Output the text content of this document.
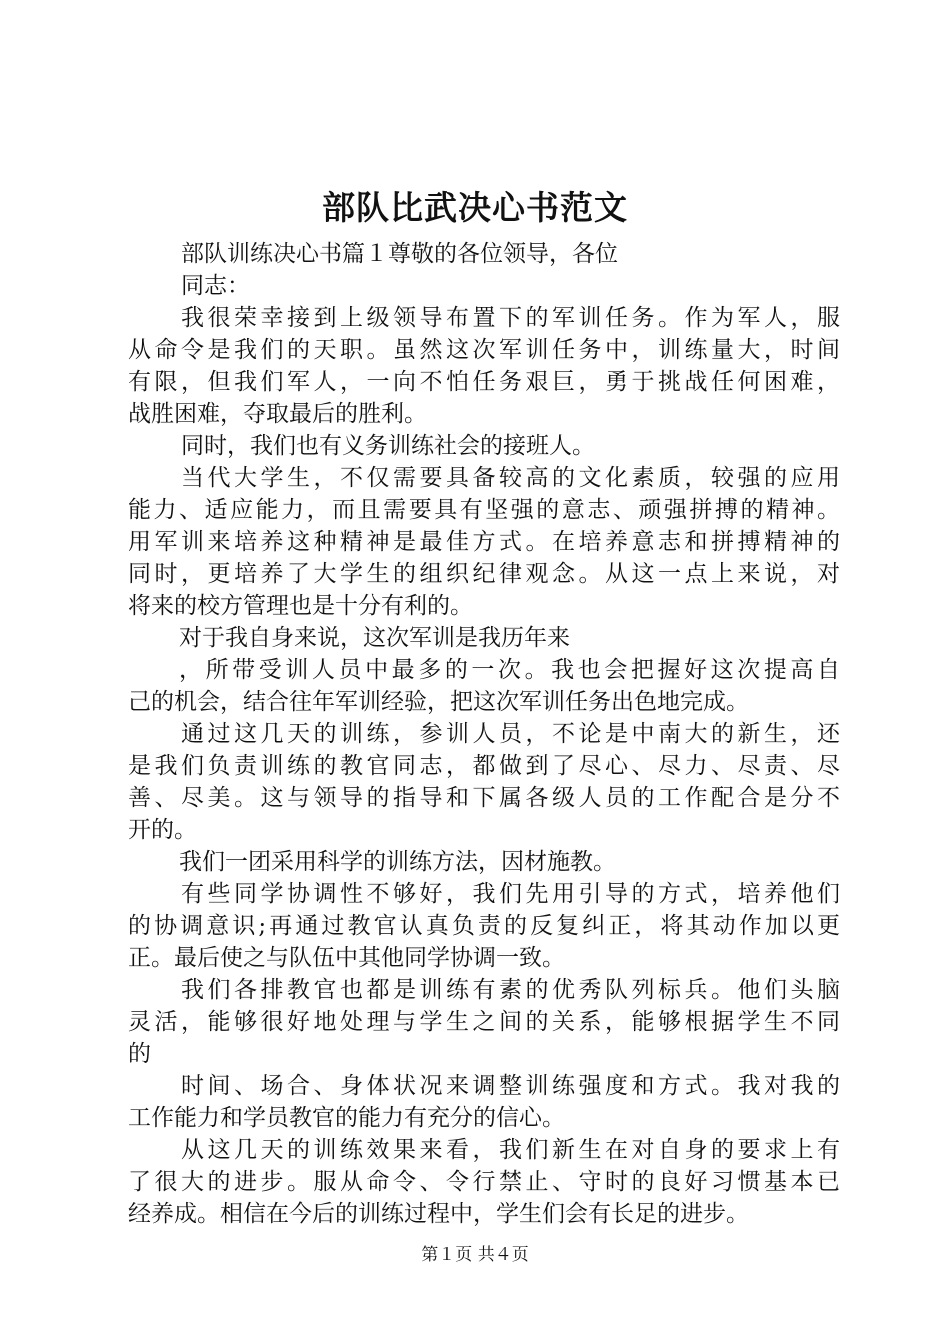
部队比武决心书范文
部队训练决心书篇１尊敬的各位领导，各位
同志：
我很荣幸接到上级领导布置下的军训任务。作为军人，服
从命令是我们的天职。虽然这次军训任务中，训练量大，时间
有限，但我们军人，一向不怕任务艰巨，勇于挑战任何困难，
战胜困难，夺取最后的胜利。
同时，我们也有义务训练社会的接班人。
当代大学生，不仅需要具备较高的文化素质，较强的应用
能力、适应能力，而且需要具有坚强的意志、顽强拼搏的精神。
用军训来培养这种精神是最佳方式。在培养意志和拼搏精神的
同时，更培养了大学生的组织纪律观念。从这一点上来说，对
将来的校方管理也是十分有利的。
对于我自身来说，这次军训是我历年来
，所带受训人员中最多的一次。我也会把握好这次提高自
己的机会，结合往年军训经验，把这次军训任务出色地完成。
通过这几天的训练，参训人员，不论是中南大的新生，还
是我们负责训练的教官同志，都做到了尽心、尽力、尽责、尽
善、尽美。这与领导的指导和下属各级人员的工作配合是分不
开的。
我们一团采用科学的训练方法，因材施教。
有些同学协调性不够好，我们先用引导的方式，培养他们
的协调意识;再通过教官认真负责的反复纠正，将其动作加以更
正。最后使之与队伍中其他同学协调一致。
我们各排教官也都是训练有素的优秀队列标兵。他们头脑
灵活，能够很好地处理与学生之间的关系，能够根据学生不同
的
时间、场合、身体状况来调整训练强度和方式。我对我的
工作能力和学员教官的能力有充分的信心。
从这几天的训练效果来看，我们新生在对自身的要求上有
了很大的进步。服从命令、令行禁止、守时的良好习惯基本已
经养成。相信在今后的训练过程中，学生们会有长足的进步。
第１页 共４页
